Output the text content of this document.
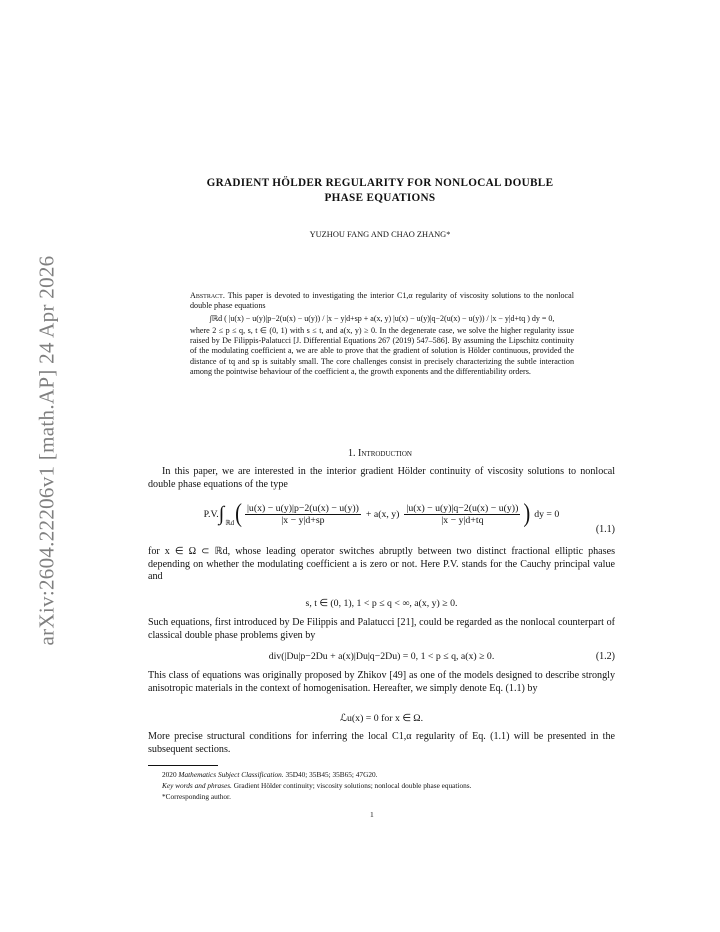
arXiv:2604.22206v1 [math.AP] 24 Apr 2026
GRADIENT HÖLDER REGULARITY FOR NONLOCAL DOUBLE
PHASE EQUATIONS
YUZHOU FANG AND CHAO ZHANG*
Abstract. This paper is devoted to investigating the interior C1,α regularity of viscosity solutions to the nonlocal double phase equations
∫ℝd ( |u(x) − u(y)|p−2(u(x) − u(y)) / |x − y|d+sp + a(x, y) |u(x) − u(y)|q−2(u(x) − u(y)) / |x − y|d+tq ) dy = 0,
where 2 ≤ p ≤ q, s, t ∈ (0, 1) with s ≤ t, and a(x, y) ≥ 0. In the degenerate case, we solve the higher regularity issue raised by De Filippis-Palatucci [J. Differential Equations 267 (2019) 547–586]. By assuming the Lipschitz continuity of the modulating coefficient a, we are able to prove that the gradient of solution is Hölder continuous, provided the distance of tq and sp is suitably small. The core challenges consist in precisely characterizing the subtle interaction among the pointwise behaviour of the coefficient a, the growth exponents and the differentiability orders.
1. Introduction
In this paper, we are interested in the interior gradient Hölder continuity of viscosity solutions to nonlocal double phase equations of the type
P.V. ∫ ℝd ( $\frac{|u(x) - u(y)|p-2(u(x) - u(y))}{|x - y|d+sp} + a(x$, $y) \frac{|u(x) - u(y)|q-2(u(x) - u(y))}{|x - y|d+tq}$ ) dy = 0
(1.1)
for x ∈ Ω ⊂ ℝd, whose leading operator switches abruptly between two distinct fractional elliptic phases depending on whether the modulating coefficient a is zero or not. Here P.V. stands for the Cauchy principal value and
s, t ∈ (0, 1), 1 < p ≤ q < ∞, a(x, y) ≥ 0.
Such equations, first introduced by De Filippis and Palatucci [21], could be regarded as the nonlocal counterpart of classical double phase problems given by
div(|Du|p−2Du + a(x)|Du|q−2Du) = 0, 1 < p ≤ q, a(x) ≥ 0.	(1.2)
This class of equations was originally proposed by Zhikov [49] as one of the models designed to describe strongly anisotropic materials in the context of homogenisation. Hereafter, we simply denote Eq. (1.1) by
ℒu(x) = 0 for x ∈ Ω.
More precise structural conditions for inferring the local C1,α regularity of Eq. (1.1) will be presented in the subsequent sections.
2020 Mathematics Subject Classification. 35D40; 35B45; 35B65; 47G20.
Key words and phrases. Gradient Hölder continuity; viscosity solutions; nonlocal double phase equations.
*Corresponding author.
1
